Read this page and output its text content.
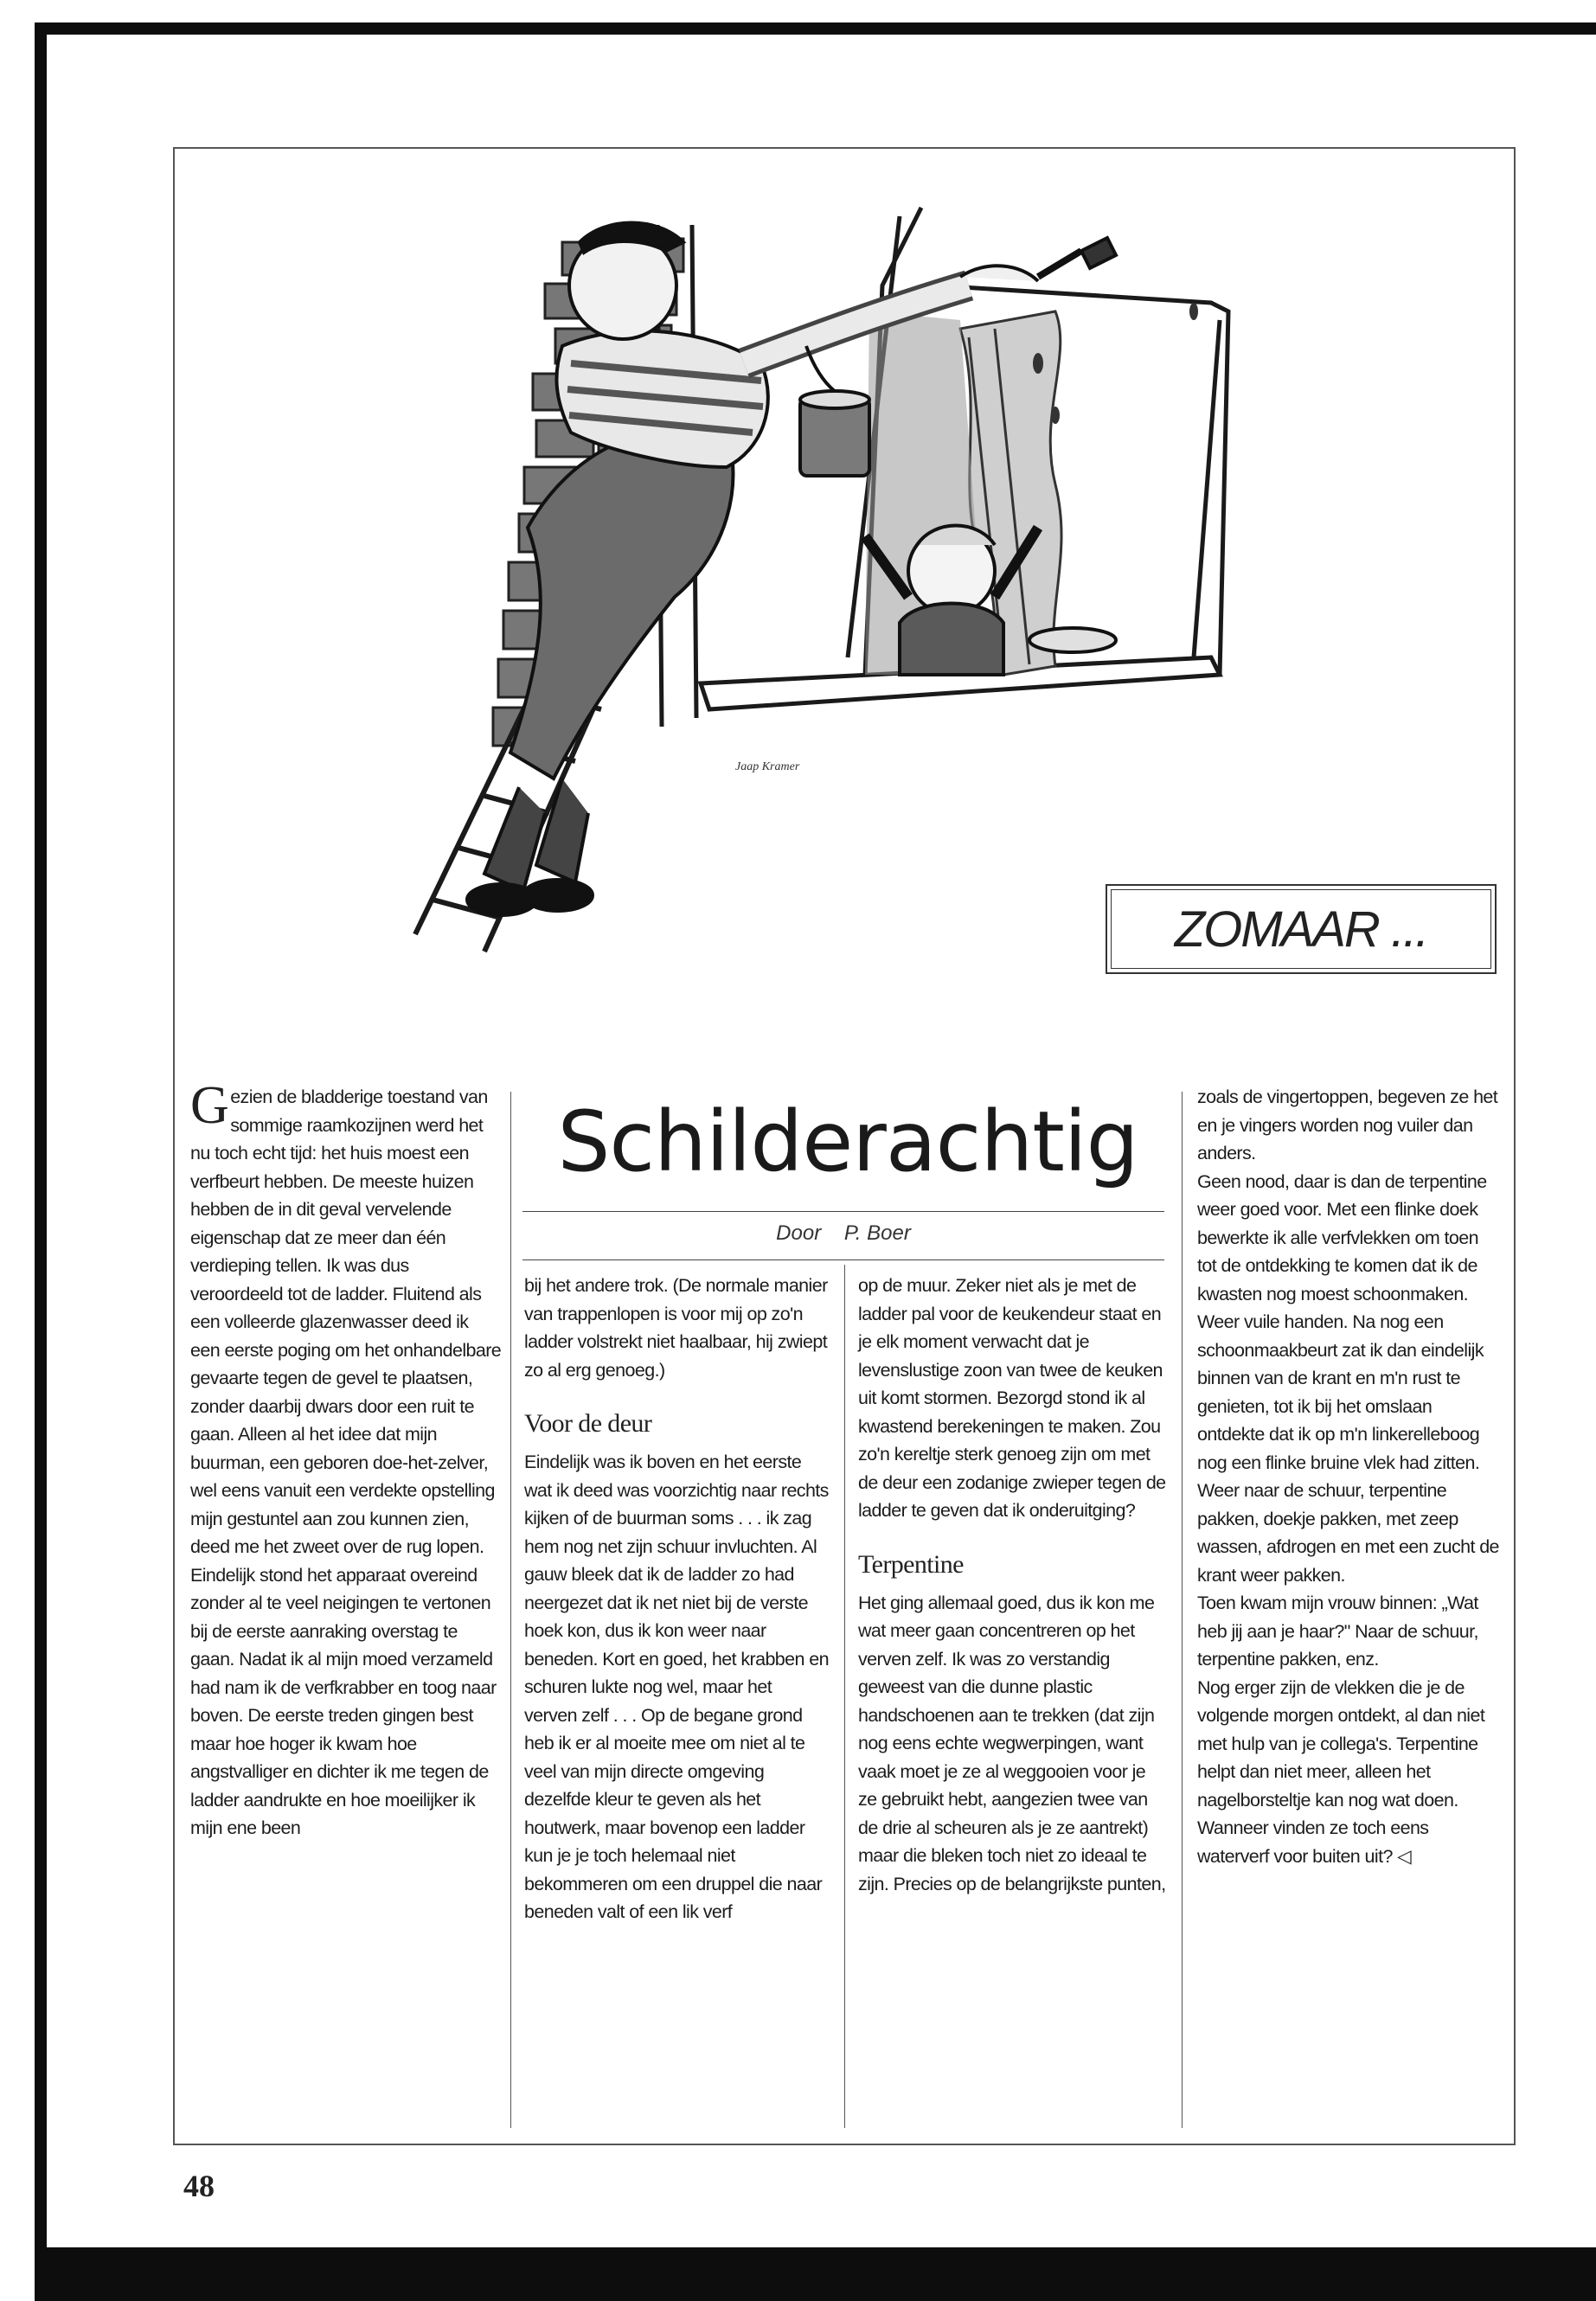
Jaap Kramer
ZOMAAR ...
Schilderachtig
Door P. Boer
G ezien de bladderige toestand van sommige raamkozijnen werd het nu toch echt tijd: het huis moest een verfbeurt hebben. De meeste huizen hebben de in dit geval vervelende eigenschap dat ze meer dan één verdieping tellen. Ik was dus veroordeeld tot de ladder. Fluitend als een volleerde glazenwasser deed ik een eerste poging om het onhandelbare gevaarte tegen de gevel te plaatsen, zonder daarbij dwars door een ruit te gaan. Alleen al het idee dat mijn buurman, een geboren doe-het-zelver, wel eens vanuit een verdekte opstelling mijn gestuntel aan zou kunnen zien, deed me het zweet over de rug lopen. Eindelijk stond het apparaat overeind zonder al te veel neigingen te vertonen bij de eerste aanraking overstag te gaan. Nadat ik al mijn moed verzameld had nam ik de verfkrabber en toog naar boven. De eerste treden gingen best maar hoe hoger ik kwam hoe angstvalliger en dichter ik me tegen de ladder aandrukte en hoe moeilijker ik mijn ene been

bij het andere trok. (De normale manier van trappenlopen is voor mij op zo'n ladder volstrekt niet haalbaar, hij zwiept zo al erg genoeg.)

Voor de deur

Eindelijk was ik boven en het eerste wat ik deed was voorzichtig naar rechts kijken of de buurman soms . . . ik zag hem nog net zijn schuur invluchten. Al gauw bleek dat ik de ladder zo had neergezet dat ik net niet bij de verste hoek kon, dus ik kon weer naar beneden. Kort en goed, het krabben en schuren lukte nog wel, maar het verven zelf . . . Op de begane grond heb ik er al moeite mee om niet al te veel van mijn directe omgeving dezelfde kleur te geven als het houtwerk, maar bovenop een ladder kun je je toch helemaal niet bekommeren om een druppel die naar beneden valt of een lik verf

op de muur. Zeker niet als je met de ladder pal voor de keukendeur staat en je elk moment verwacht dat je levenslustige zoon van twee de keuken uit komt stormen. Bezorgd stond ik al kwastend berekeningen te maken. Zou zo'n kereltje sterk genoeg zijn om met de deur een zodanige zwieper tegen de ladder te geven dat ik onderuitging?

Terpentine

Het ging allemaal goed, dus ik kon me wat meer gaan concentreren op het verven zelf. Ik was zo verstandig geweest van die dunne plastic handschoenen aan te trekken (dat zijn nog eens echte wegwerpingen, want vaak moet je ze al weggooien voor je ze gebruikt hebt, aangezien twee van de drie al scheuren als je ze aantrekt) maar die bleken toch niet zo ideaal te zijn. Precies op de belangrijkste punten,

zoals de vingertoppen, begeven ze het en je vingers worden nog vuiler dan anders.

Geen nood, daar is dan de terpentine weer goed voor. Met een flinke doek bewerkte ik alle verfvlekken om toen tot de ontdekking te komen dat ik de kwasten nog moest schoonmaken. Weer vuile handen. Na nog een schoonmaakbeurt zat ik dan eindelijk binnen van de krant en m'n rust te genieten, tot ik bij het omslaan ontdekte dat ik op m'n linkerelleboog nog een flinke bruine vlek had zitten. Weer naar de schuur, terpentine pakken, doekje pakken, met zeep wassen, afdrogen en met een zucht de krant weer pakken.

Toen kwam mijn vrouw binnen: „Wat heb jij aan je haar?" Naar de schuur, terpentine pakken, enz.

Nog erger zijn de vlekken die je de volgende morgen ontdekt, al dan niet met hulp van je collega's. Terpentine helpt dan niet meer, alleen het nagelborsteltje kan nog wat doen. Wanneer vinden ze toch eens waterverf voor buiten uit? ◁

48
